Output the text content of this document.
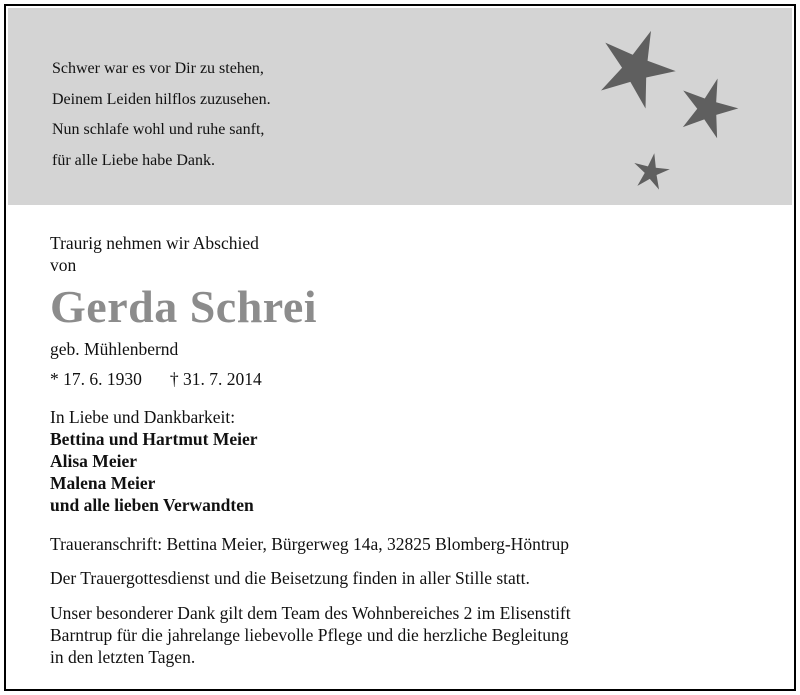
Schwer war es vor Dir zu stehen,
Deinem Leiden hilflos zuzusehen.
Nun schlafe wohl und ruhe sanft,
für alle Liebe habe Dank.
Traurig nehmen wir Abschied
von
Gerda Schrei
geb. Mühlenbernd
* 17. 6. 1930 † 31. 7. 2014
In Liebe und Dankbarkeit:
Bettina und Hartmut Meier
Alisa Meier
Malena Meier
und alle lieben Verwandten
Traueranschrift: Bettina Meier, Bürgerweg 14a, 32825 Blomberg-Höntrup
Der Trauergottesdienst und die Beisetzung finden in aller Stille statt.
Unser besonderer Dank gilt dem Team des Wohnbereiches 2 im Elisenstift
Barntrup für die jahrelange liebevolle Pflege und die herzliche Begleitung
in den letzten Tagen.
